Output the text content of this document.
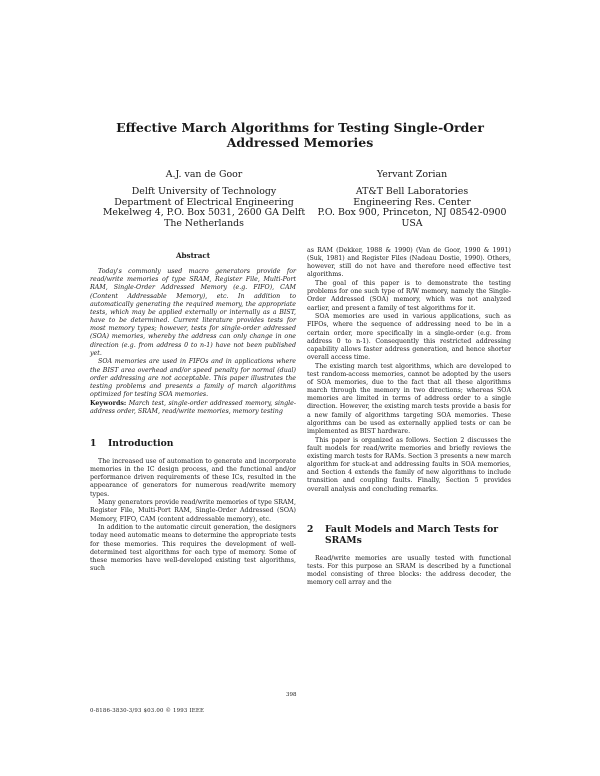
Effective March Algorithms for Testing Single-Order Addressed Memories
A.J. van de Goor
Delft University of Technology
Department of Electrical Engineering
Mekelweg 4, P.O. Box 5031, 2600 GA Delft
The Netherlands
Yervant Zorian
AT&T Bell Laboratories
Engineering Res. Center
P.O. Box 900, Princeton, NJ 08542-0900
USA
Abstract

Today's commonly used macro generators provide for read/write memories of type SRAM, Register File, Multi-Port RAM, Single-Order Addressed Memory (e.g. FIFO), CAM (Content Addressable Memory), etc. In addition to automatically generating the required memory, the appropriate tests, which may be applied externally or internally as a BIST, have to be determined. Current literature provides tests for most memory types; however, tests for single-order addressed (SOA) memories, whereby the address can only change in one direction (e.g. from address 0 to n-1) have not been published yet.

SOA memories are used in FIFOs and in applications where the BIST area overhead and/or speed penalty for normal (dual) order addressing are not acceptable. This paper illustrates the testing problems and presents a family of march algorithms optimized for testing SOA memories.

Keywords: March test, single-order addressed memory, single-address order, SRAM, read/write memories, memory testing

1 Introduction

The increased use of automation to generate and incorporate memories in the IC design process, and the functional and/or performance driven requirements of these ICs, resulted in the appearance of generators for numerous read/write memory types.

Many generators provide read/write memories of type SRAM, Register File, Multi-Port RAM, Single-Order Addressed (SOA) Memory, FIFO, CAM (content addressable memory), etc.

In addition to the automatic circuit generation, the designers today need automatic means to determine the appropriate tests for these memories. This requires the development of well-determined test algorithms for each type of memory. Some of these memories have well-developed existing test algorithms, such

as RAM (Dekker, 1988 & 1990) (Van de Goor, 1990 & 1991) (Suk, 1981) and Register Files (Nadeau Dostie, 1990). Others, however, still do not have and therefore need effective test algorithms.

The goal of this paper is to demonstrate the testing problems for one such type of R/W memory, namely the Single-Order Addressed (SOA) memory, which was not analyzed earlier, and present a family of test algorithms for it.

SOA memories are used in various applications, such as FIFOs, where the sequence of addressing need to be in a certain order, more specifically in a single-order (e.g. from address 0 to n-1). Consequently this restricted addressing capability allows faster address generation, and hence shorter overall access time.

The existing march test algorithms, which are developed to test random-access memories, cannot be adopted by the users of SOA memories, due to the fact that all these algorithms march through the memory in two directions; whereas SOA memories are limited in terms of address order to a single direction. However, the existing march tests provide a basis for a new family of algorithms targeting SOA memories. These algorithms can be used as externally applied tests or can be implemented as BIST hardware.

This paper is organized as follows. Section 2 discusses the fault models for read/write memories and briefly reviews the existing march tests for RAMs. Section 3 presents a new march algorithm for stuck-at and addressing faults in SOA memories, and Section 4 extends the family of new algorithms to include transition and coupling faults. Finally, Section 5 provides overall analysis and concluding remarks.

2 Fault Models and March Tests for
SRAMs

Read/write memories are usually tested with functional tests. For this purpose an SRAM is described by a functional model consisting of three blocks: the address decoder, the memory cell array and the

398
0-8186-3830-3/93 $03.00 © 1993 IEEE
